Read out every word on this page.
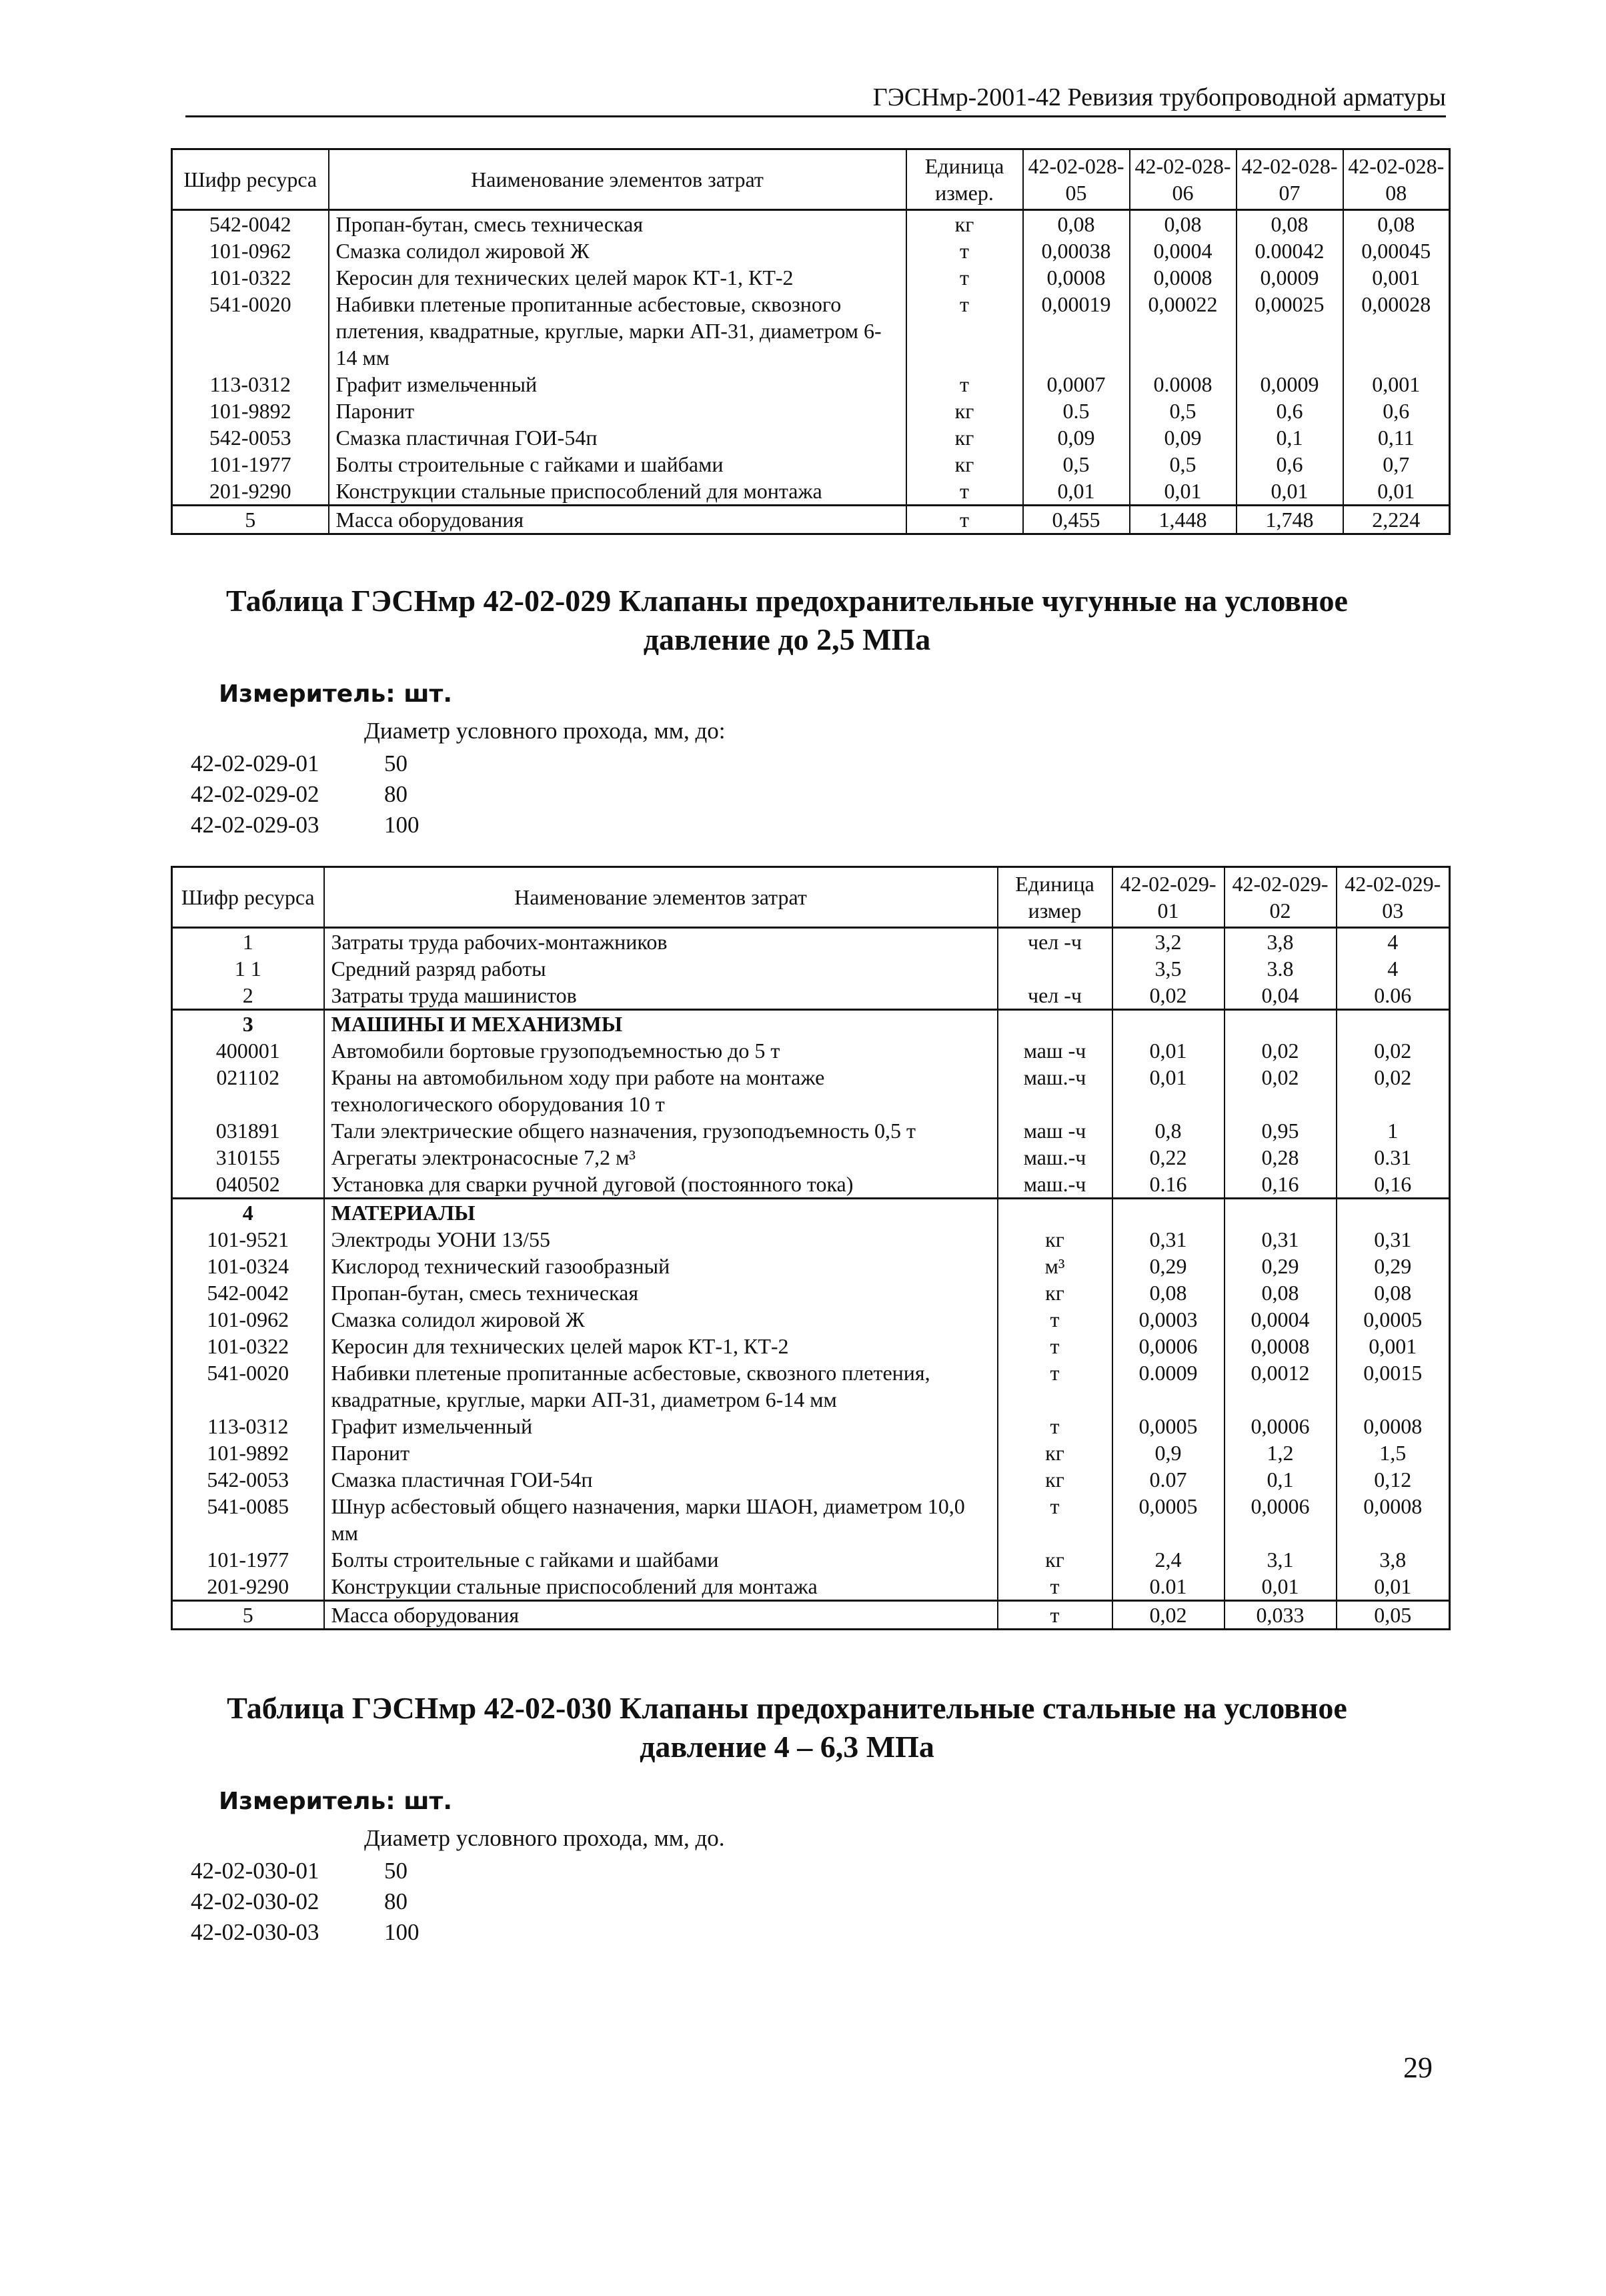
ГЭСНмр-2001-42 Ревизия трубопроводной арматуры
Шифр ресурса	Наименование элементов затрат	Единица измер.	42-02-028-05	42-02-028-06	42-02-028-07	42-02-028-08
542-0042	Пропан-бутан, смесь техническая	кг	0,08	0,08	0,08	0,08
101-0962	Смазка солидол жировой Ж	т	0,00038	0,0004	0.00042	0,00045
101-0322	Керосин для технических целей марок КТ-1, КТ-2	т	0,0008	0,0008	0,0009	0,001
541-0020	Набивки плетеные пропитанные асбестовые, сквозного плетения, квадратные, круглые, марки АП-31, диаметром 6-14 мм	т	0,00019	0,00022	0,00025	0,00028
113-0312	Графит измельченный	т	0,0007	0.0008	0,0009	0,001
101-9892	Паронит	кг	0.5	0,5	0,6	0,6
542-0053	Смазка пластичная ГОИ-54п	кг	0,09	0,09	0,1	0,11
101-1977	Болты строительные с гайками и шайбами	кг	0,5	0,5	0,6	0,7
201-9290	Конструкции стальные приспособлений для монтажа	т	0,01	0,01	0,01	0,01
5	Масса оборудования	т	0,455	1,448	1,748	2,224
Таблица ГЭСНмр 42-02-029 Клапаны предохранительные чугунные на условное
давление до 2,5 МПа
Измеритель: шт.
Диаметр условного прохода, мм, до:
42-02-029-01	50
42-02-029-02	80
42-02-029-03	100
Шифр ресурса	Наименование элементов затрат	Единица измер	42-02-029-01	42-02-029-02	42-02-029-03
1	Затраты труда рабочих-монтажников	чел -ч	3,2	3,8	4
1 1	Средний разряд работы		3,5	3.8	4
2	Затраты труда машинистов	чел -ч	0,02	0,04	0.06
3	МАШИНЫ И МЕХАНИЗМЫ				
400001	Автомобили бортовые грузоподъемностью до 5 т	маш -ч	0,01	0,02	0,02
021102	Краны на автомобильном ходу при работе на монтаже технологического оборудования 10 т	маш.-ч	0,01	0,02	0,02
031891	Тали электрические общего назначения, грузоподъемность 0,5 т	маш -ч	0,8	0,95	1
310155	Агрегаты электронасосные 7,2 м³	маш.-ч	0,22	0,28	0.31
040502	Установка для сварки ручной дуговой (постоянного тока)	маш.-ч	0.16	0,16	0,16
4	МАТЕРИАЛЫ				
101-9521	Электроды УОНИ 13/55	кг	0,31	0,31	0,31
101-0324	Кислород технический газообразный	м³	0,29	0,29	0,29
542-0042	Пропан-бутан, смесь техническая	кг	0,08	0,08	0,08
101-0962	Смазка солидол жировой Ж	т	0,0003	0,0004	0,0005
101-0322	Керосин для технических целей марок КТ-1, КТ-2	т	0,0006	0,0008	0,001
541-0020	Набивки плетеные пропитанные асбестовые, сквозного плетения, квадратные, круглые, марки АП-31, диаметром 6-14 мм	т	0.0009	0,0012	0,0015
113-0312	Графит измельченный	т	0,0005	0,0006	0,0008
101-9892	Паронит	кг	0,9	1,2	1,5
542-0053	Смазка пластичная ГОИ-54п	кг	0.07	0,1	0,12
541-0085	Шнур асбестовый общего назначения, марки ШАОН, диаметром 10,0 мм	т	0,0005	0,0006	0,0008
101-1977	Болты строительные с гайками и шайбами	кг	2,4	3,1	3,8
201-9290	Конструкции стальные приспособлений для монтажа	т	0.01	0,01	0,01
5	Масса оборудования	т	0,02	0,033	0,05
Таблица ГЭСНмр 42-02-030 Клапаны предохранительные стальные на условное
давление 4 – 6,3 МПа
Измеритель: шт.
Диаметр условного прохода, мм, до.
42-02-030-01	50
42-02-030-02	80
42-02-030-03	100
29
